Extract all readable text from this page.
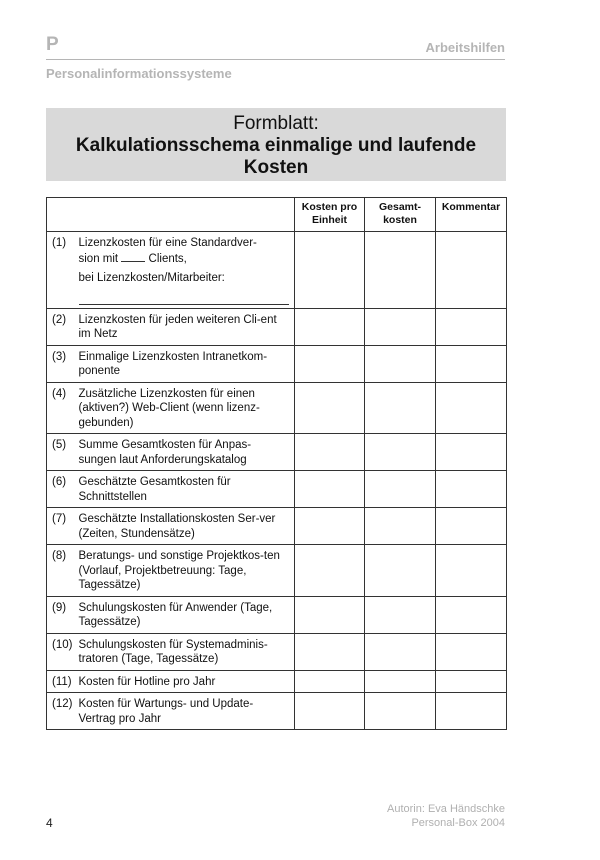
P	Arbeitshilfen
Personalinformationssysteme
Formblatt:
Kalkulationsschema einmalige und laufende
Kosten
		Kosten pro Einheit	Gesamt-kosten	Kommentar
(1)	Lizenzkosten für eine Standardver-
sion mit  Clients,
bei Lizenzkosten/Mitarbeiter:

(2)	Lizenzkosten für jeden weiteren Cli-ent im Netz			
(3)	Einmalige Lizenzkosten Intranetkom-ponente			
(4)	Zusätzliche Lizenzkosten für einen (aktiven?) Web-Client (wenn lizenz-gebunden)			
(5)	Summe Gesamtkosten für Anpas-sungen laut Anforderungskatalog			
(6)	Geschätzte Gesamtkosten für Schnittstellen			
(7)	Geschätzte Installationskosten Ser-ver (Zeiten, Stundensätze)			
(8)	Beratungs- und sonstige Projektkos-ten (Vorlauf, Projektbetreuung: Tage, Tagessätze)			
(9)	Schulungskosten für Anwender (Tage, Tagessätze)			
(10)	Schulungskosten für Systemadminis-tratoren (Tage, Tagessätze)			
(11)	Kosten für Hotline pro Jahr			
(12)	Kosten für Wartungs- und Update-Vertrag pro Jahr			
4
Autorin: Eva Händschke
Personal-Box 2004
